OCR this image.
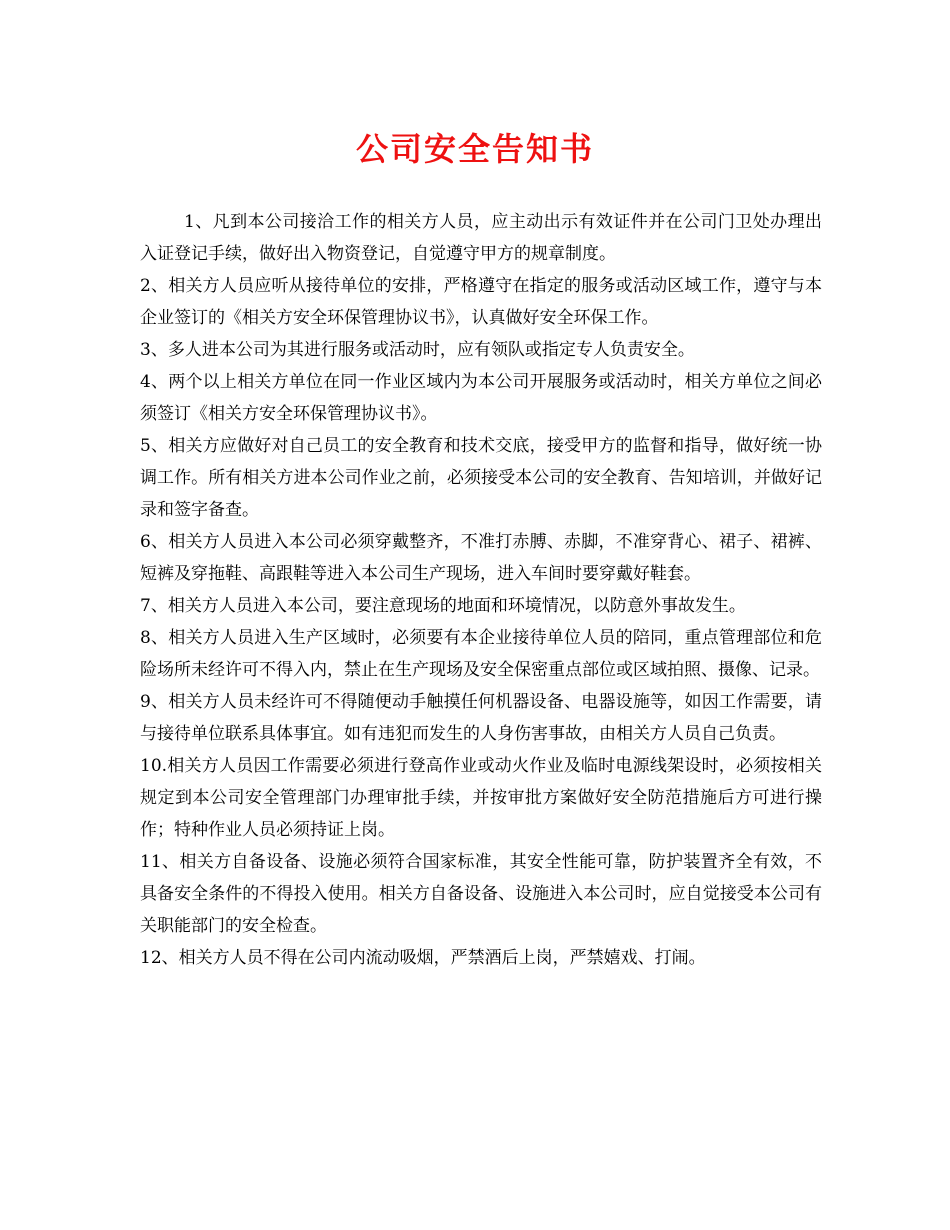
公司安全告知书

1、凡到本公司接洽工作的相关方人员，应主动出示有效证件并在公司门卫处办理出入证登记手续，做好出入物资登记，自觉遵守甲方的规章制度。

2、相关方人员应听从接待单位的安排，严格遵守在指定的服务或活动区域工作，遵守与本企业签订的《相关方安全环保管理协议书》，认真做好安全环保工作。

3、多人进本公司为其进行服务或活动时，应有领队或指定专人负责安全。

4、两个以上相关方单位在同一作业区域内为本公司开展服务或活动时，相关方单位之间必须签订《相关方安全环保管理协议书》。

5、相关方应做好对自己员工的安全教育和技术交底，接受甲方的监督和指导，做好统一协调工作。所有相关方进本公司作业之前，必须接受本公司的安全教育、告知培训，并做好记录和签字备查。

6、相关方人员进入本公司必须穿戴整齐，不准打赤膊、赤脚，不准穿背心、裙子、裙裤、短裤及穿拖鞋、高跟鞋等进入本公司生产现场，进入车间时要穿戴好鞋套。

7、相关方人员进入本公司，要注意现场的地面和环境情况，以防意外事故发生。

8、相关方人员进入生产区域时，必须要有本企业接待单位人员的陪同，重点管理部位和危险场所未经许可不得入内，禁止在生产现场及安全保密重点部位或区域拍照、摄像、记录。

9、相关方人员未经许可不得随便动手触摸任何机器设备、电器设施等，如因工作需要，请与接待单位联系具体事宜。如有违犯而发生的人身伤害事故，由相关方人员自己负责。

10.相关方人员因工作需要必须进行登高作业或动火作业及临时电源线架设时，必须按相关规定到本公司安全管理部门办理审批手续，并按审批方案做好安全防范措施后方可进行操作；特种作业人员必须持证上岗。

11、相关方自备设备、设施必须符合国家标准，其安全性能可靠，防护装置齐全有效，不具备安全条件的不得投入使用。相关方自备设备、设施进入本公司时，应自觉接受本公司有关职能部门的安全检查。

12、相关方人员不得在公司内流动吸烟，严禁酒后上岗，严禁嬉戏、打闹。
